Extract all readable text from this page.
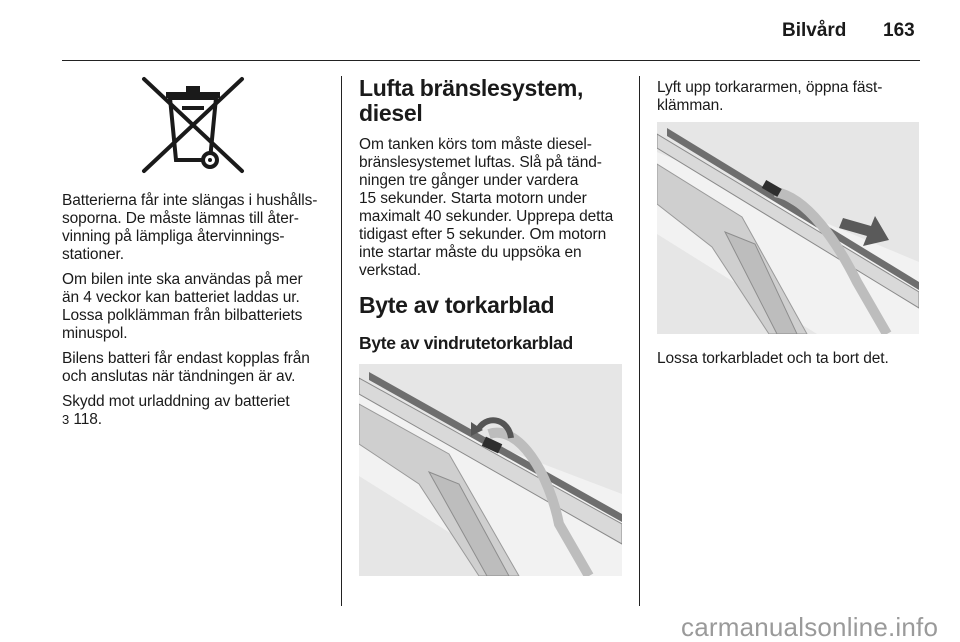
Bilvård 163

Batterierna får inte slängas i hushålls-
soporna. De måste lämnas till åter-
vinning på lämpliga återvinnings-
stationer.

Om bilen inte ska användas på mer
än 4 veckor kan batteriet laddas ur.
Lossa polklämman från bilbatteriets
minuspol.

Bilens batteri får endast kopplas från
och anslutas när tändningen är av.

Skydd mot urladdning av batteriet
3 118.

Lufta bränslesystem,
diesel

Om tanken körs tom måste diesel-
bränslesystemet luftas. Slå på tänd-
ningen tre gånger under vardera
15 sekunder. Starta motorn under
maximalt 40 sekunder. Upprepa detta
tidigast efter 5 sekunder. Om motorn
inte startar måste du uppsöka en
verkstad.

Byte av torkarblad
Byte av vindrutetorkarblad

Lyft upp torkararmen, öppna fäst-
klämman.

Lossa torkarbladet och ta bort det.

carmanualsonline.info
